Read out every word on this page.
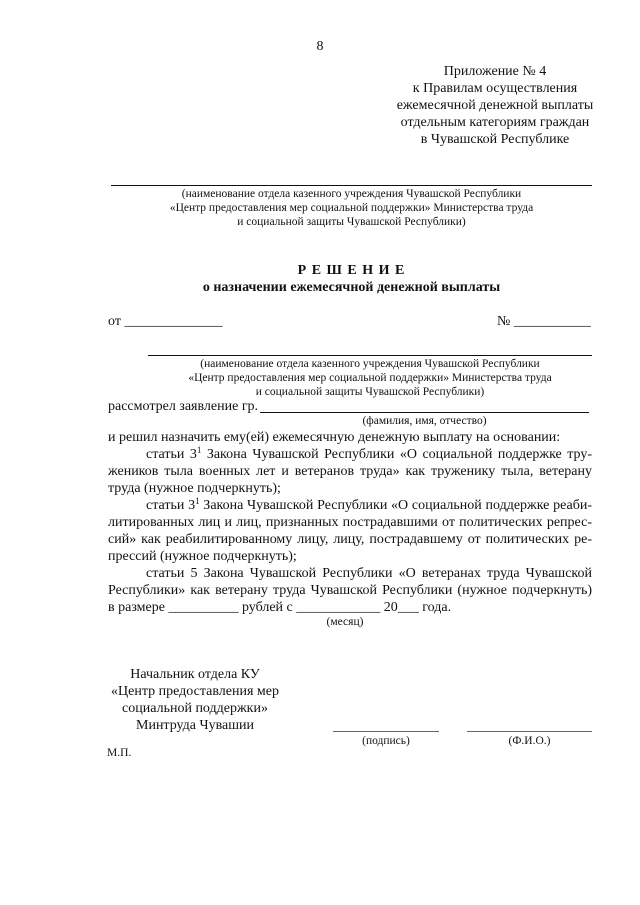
8
Приложение № 4
к Правилам осуществления
ежемесячной денежной выплаты
отдельным категориям граждан
в Чувашской Республике
(наименование отдела казенного учреждения Чувашской Республики
«Центр предоставления мер социальной поддержки» Министерства труда
и социальной защиты Чувашской Республики)
Р Е Ш Е Н И Е
о назначении ежемесячной денежной выплаты
от ______________	№ ___________
(наименование отдела казенного учреждения Чувашской Республики
«Центр предоставления мер социальной поддержки» Министерства труда
и социальной защиты Чувашской Республики)
рассмотрел заявление гр.
(фамилия, имя, отчество)
и решил назначить ему(ей) ежемесячную денежную выплату на основании:
статьи $3^1$ Закона Чувашской Республики «О социальной поддержке тру-
жеников тыла военных лет и ветеранов труда» как труженику тыла, ветерану
труда (нужное подчеркнуть);
статьи $3^1$ Закона Чувашской Республики «О социальной поддержке реаби-
литированных лиц и лиц, признанных пострадавшими от политических репрес-
сий» как реабилитированному лицу, лицу, пострадавшему от политических ре-
прессий (нужное подчеркнуть);
статьи 5 Закона Чувашской Республики «О ветеранах труда Чувашской
Республики» как ветерану труда Чувашской Республики (нужное подчеркнуть)
в размере __________ рублей с ____________ 20___ года.
(месяц)
Начальник отдела КУ
«Центр предоставления мер
социальной поддержки»
Минтруда Чувашии
(подпись)	(Ф.И.О.)
М.П.
